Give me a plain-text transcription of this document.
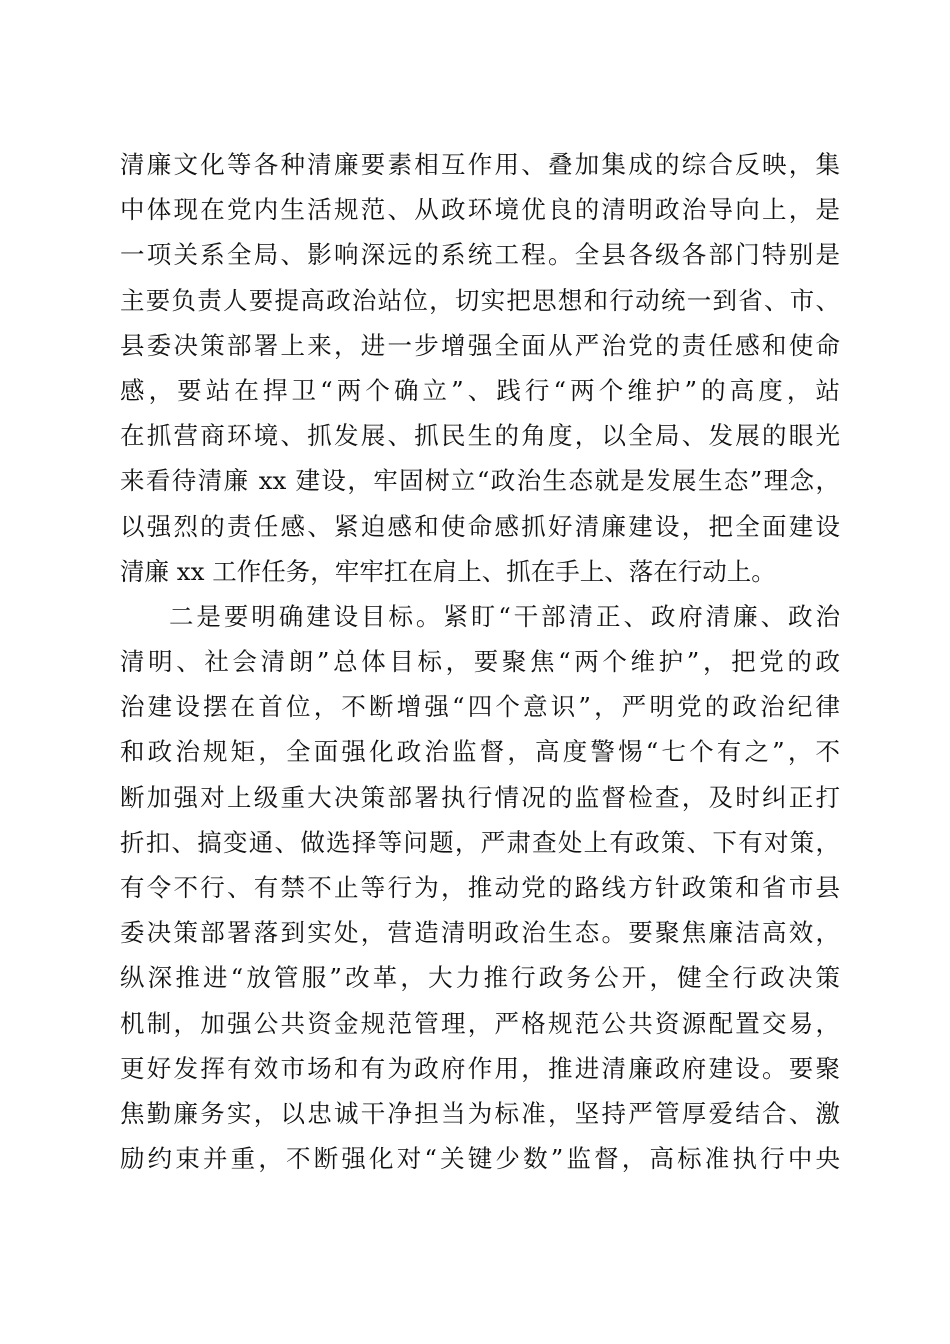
清廉文化等各种清廉要素相互作用、叠加集成的综合反映，集
中体现在党内生活规范、从政环境优良的清明政治导向上，是
一项关系全局、影响深远的系统工程。全县各级各部门特别是
主要负责人要提高政治站位，切实把思想和行动统一到省、市、
县委决策部署上来，进一步增强全面从严治党的责任感和使命
感，要站在捍卫“两个确立”、践行“两个维护”的高度，站
在抓营商环境、抓发展、抓民生的角度，以全局、发展的眼光
来看待清廉 xx 建设，牢固树立“政治生态就是发展生态”理念，
以强烈的责任感、紧迫感和使命感抓好清廉建设，把全面建设
清廉 xx 工作任务，牢牢扛在肩上、抓在手上、落在行动上。
二是要明确建设目标。紧盯“干部清正、政府清廉、政治
清明、社会清朗”总体目标，要聚焦“两个维护”，把党的政
治建设摆在首位，不断增强“四个意识”，严明党的政治纪律
和政治规矩，全面强化政治监督，高度警惕“七个有之”，不
断加强对上级重大决策部署执行情况的监督检查，及时纠正打
折扣、搞变通、做选择等问题，严肃查处上有政策、下有对策，
有令不行、有禁不止等行为，推动党的路线方针政策和省市县
委决策部署落到实处，营造清明政治生态。要聚焦廉洁高效，
纵深推进“放管服”改革，大力推行政务公开，健全行政决策
机制，加强公共资金规范管理，严格规范公共资源配置交易，
更好发挥有效市场和有为政府作用，推进清廉政府建设。要聚
焦勤廉务实，以忠诚干净担当为标准，坚持严管厚爱结合、激
励约束并重，不断强化对“关键少数”监督，高标准执行中央
